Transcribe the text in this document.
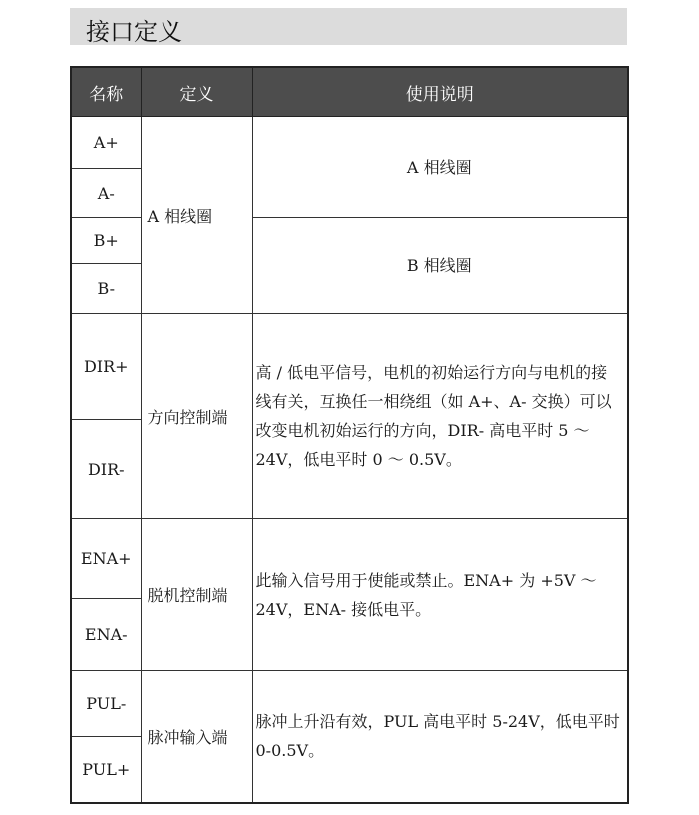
接口定义
名称	定义	使用说明
A+	A 相线圈	A 相线圈
A-		
B+		B 相线圈
B-		
DIR+	方向控制端	高 / 低电平信号，电机的初始运行方向与电机的接线有关，互换任一相绕组（如 A+、A- 交换）可以改变电机初始运行的方向，DIR- 高电平时 5 ～ 24V，低电平时 0 ～ 0.5V。
DIR-		
ENA+	脱机控制端	此输入信号用于使能或禁止。ENA+ 为 +5V ～ 24V，ENA- 接低电平。
ENA-		
PUL-	脉冲输入端	脉冲上升沿有效，PUL 高电平时 5-24V，低电平时 0-0.5V。
PUL+		
